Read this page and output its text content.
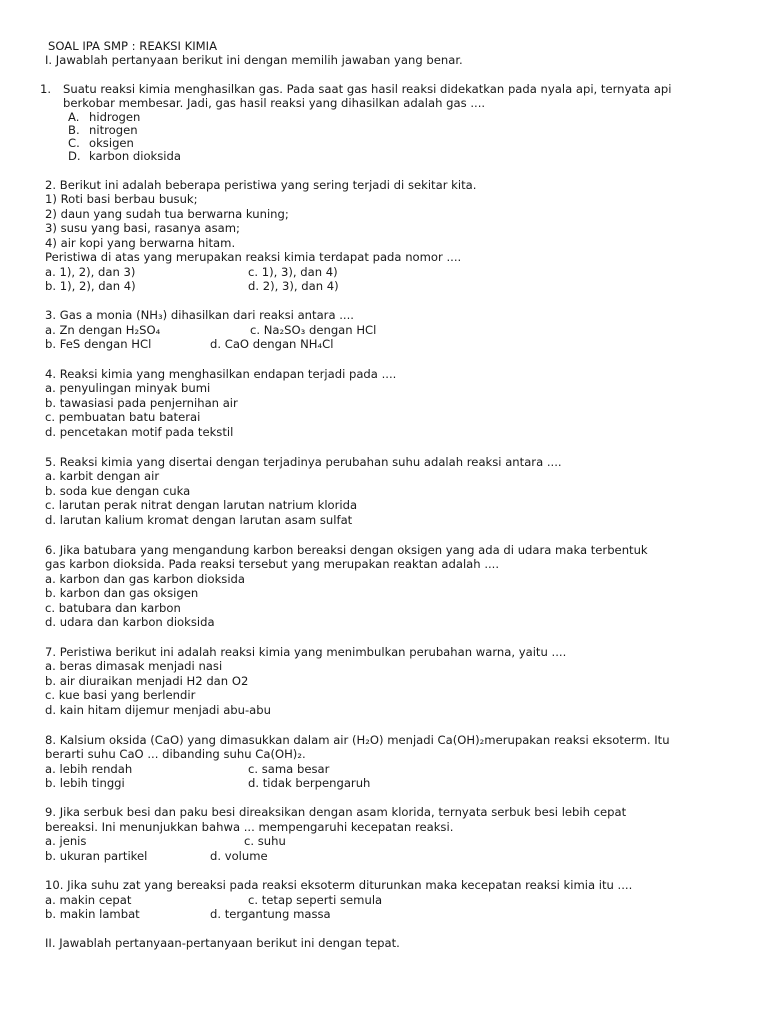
SOAL IPA SMP : REAKSI KIMIA
I. Jawablah pertanyaan berikut ini dengan memilih jawaban yang benar.
1. Suatu reaksi kimia menghasilkan gas. Pada saat gas hasil reaksi didekatkan pada nyala api, ternyata api
berkobar membesar. Jadi, gas hasil reaksi yang dihasilkan adalah gas ....
A. hidrogen
B. nitrogen
C. oksigen
D. karbon dioksida
2. Berikut ini adalah beberapa peristiwa yang sering terjadi di sekitar kita.
1) Roti basi berbau busuk;
2) daun yang sudah tua berwarna kuning;
3) susu yang basi, rasanya asam;
4) air kopi yang berwarna hitam.
Peristiwa di atas yang merupakan reaksi kimia terdapat pada nomor ....
a. 1), 2), dan 3)	c. 1), 3), dan 4)
b. 1), 2), dan 4)	d. 2), 3), dan 4)
3. Gas a monia (NH₃) dihasilkan dari reaksi antara ....
a. Zn dengan H₂SO₄	c. Na₂SO₃ dengan HCl
b. FeS dengan HCl	d. CaO dengan NH₄Cl
4. Reaksi kimia yang menghasilkan endapan terjadi pada ....
a. penyulingan minyak bumi
b. tawasiasi pada penjernihan air
c. pembuatan batu baterai
d. pencetakan motif pada tekstil
5. Reaksi kimia yang disertai dengan terjadinya perubahan suhu adalah reaksi antara ....
a. karbit dengan air
b. soda kue dengan cuka
c. larutan perak nitrat dengan larutan natrium klorida
d. larutan kalium kromat dengan larutan asam sulfat
6. Jika batubara yang mengandung karbon bereaksi dengan oksigen yang ada di udara maka terbentuk
gas karbon dioksida. Pada reaksi tersebut yang merupakan reaktan adalah ....
a. karbon dan gas karbon dioksida
b. karbon dan gas oksigen
c. batubara dan karbon
d. udara dan karbon dioksida
7. Peristiwa berikut ini adalah reaksi kimia yang menimbulkan perubahan warna, yaitu ....
a. beras dimasak menjadi nasi
b. air diuraikan menjadi H2 dan O2
c. kue basi yang berlendir
d. kain hitam dijemur menjadi abu-abu
8. Kalsium oksida (CaO) yang dimasukkan dalam air (H₂O) menjadi Ca(OH)₂merupakan reaksi eksoterm. Itu
berarti suhu CaO ... dibanding suhu Ca(OH)₂.
a. lebih rendah	c. sama besar
b. lebih tinggi	d. tidak berpengaruh
9. Jika serbuk besi dan paku besi direaksikan dengan asam klorida, ternyata serbuk besi lebih cepat
bereaksi. Ini menunjukkan bahwa ... mempengaruhi kecepatan reaksi.
a. jenis	c. suhu
b. ukuran partikel	d. volume
10. Jika suhu zat yang bereaksi pada reaksi eksoterm diturunkan maka kecepatan reaksi kimia itu ....
a. makin cepat	c. tetap seperti semula
b. makin lambat	d. tergantung massa
II. Jawablah pertanyaan-pertanyaan berikut ini dengan tepat.
